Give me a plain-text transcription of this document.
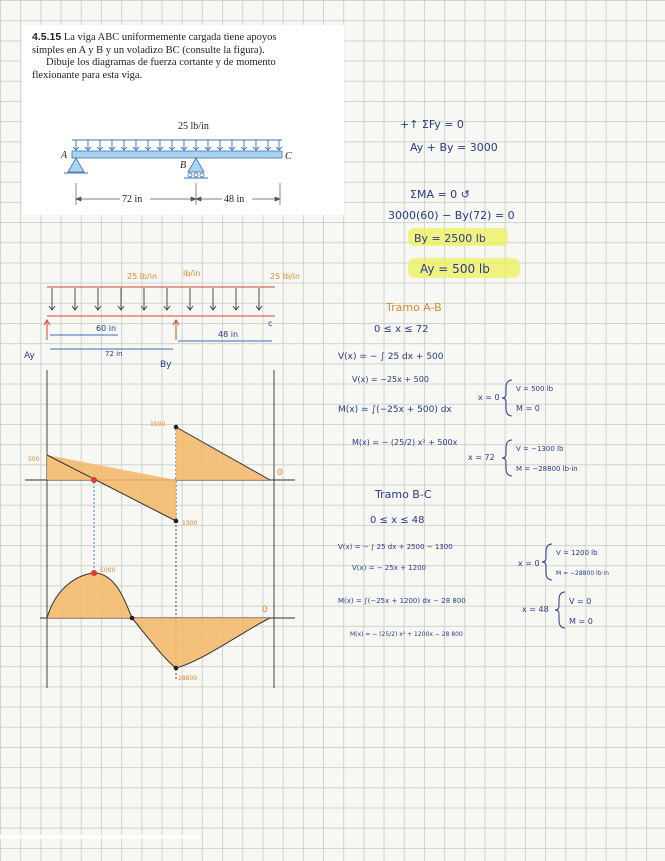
4.5.15 La viga ABC uniformemente cargada tiene apoyos
simples en A y B y un voladizo BC (consulte la figura).

Dibuje los diagramas de fuerza cortante y de momento
flexionante para esta viga.
25 lb/in
A
B
C
72 in	48 in
+↑ ΣFy = 0
Ay + By = 3000
ΣMA = 0 ↺
3000(60) − By(72) = 0
By = 2500 lb
Ay = 500 lb
25 lb/in	lb/in	25 lb/in
60 in
48 in
72 in
c
Ay
By
1500
500
1300
0
5000
0
28800
Tramo A-B
0 ≤ x ≤ 72
V(x) = − ∫ 25 dx + 500
V(x) = −25x + 500
M(x) = ∫(−25x + 500) dx
M(x) = − (25/2) x² + 500x
x = 0
V = 500 lb
M = 0
x = 72
V = −1300 lb
M = −28800 lb·in
Tramo B-C
0 ≤ x ≤ 48
V(x) = − ∫ 25 dx + 2500 − 1300
V(x) = − 25x + 1200
M(x) = ∫(−25x + 1200) dx − 28 800
M(x) = − (25/2) x² + 1200x − 28 800
x = 0
V = 1200 lb
M = −28800 lb·in
x = 48
V = 0
M = 0
